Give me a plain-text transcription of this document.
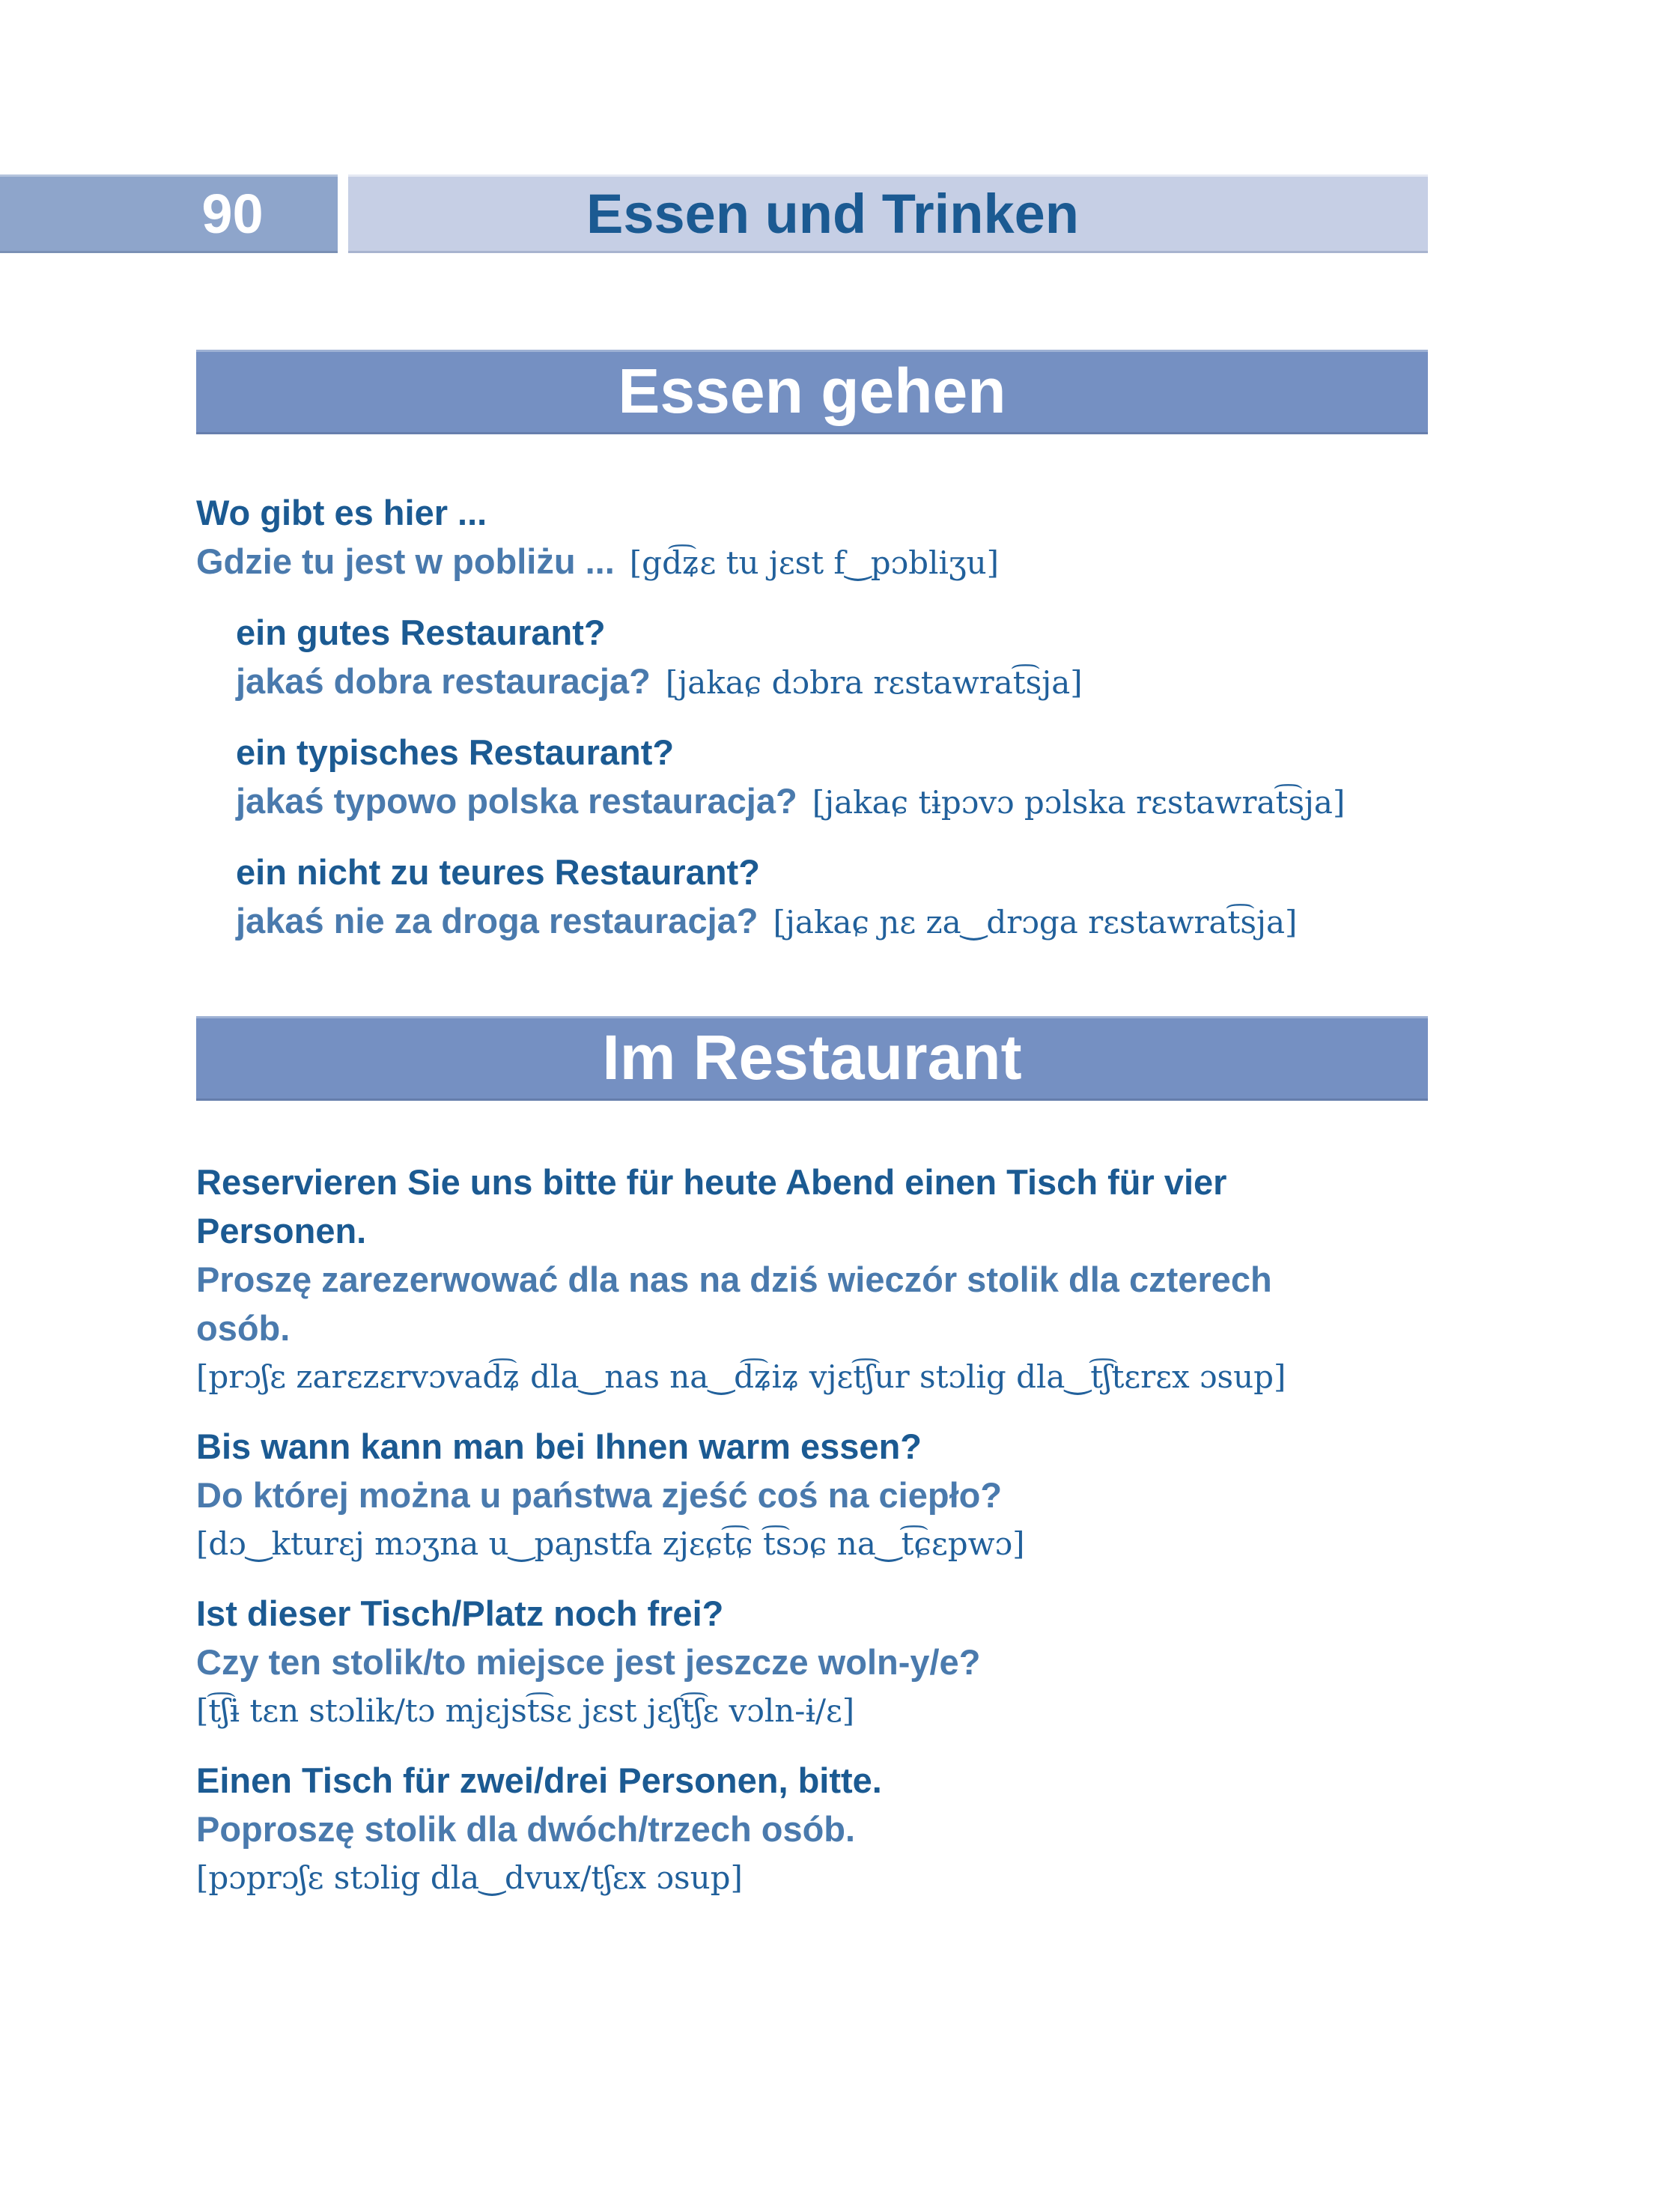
90	Essen und Trinken
Essen gehen

Wo gibt es hier ...

Gdzie tu jest w pobliżu ... [gd͡ʑɛ tu jɛst f‿pɔbliʒu]

ein gutes Restaurant?

jakaś dobra restauracja? [jakaɕ dɔbra rɛstawrat͡sja]

ein typisches Restaurant?

jakaś typowo polska restauracja? [jakaɕ tɨpɔvɔ pɔlska rɛstawrat͡sja]

ein nicht zu teures Restaurant?

jakaś nie za droga restauracja? [jakaɕ ɲɛ za‿drɔga rɛstawrat͡sja]

Im Restaurant

Reservieren Sie uns bitte für heute Abend einen Tisch für vier

Personen.

Proszę zarezerwować dla nas na dziś wieczór stolik dla czterech

osób.

[prɔʃɛ zarɛzɛrvɔvad͡ʑ dla‿nas na‿d͡ʑiʑ vjɛt͡ʃur stɔlig dla‿t͡ʃtɛrɛx ɔsup]

Bis wann kann man bei Ihnen warm essen?

Do której można u państwa zjeść coś na ciepło?

[dɔ‿kturɛj mɔʒna u‿paɲstfa zjɛɕt͡ɕ t͡sɔɕ na‿t͡ɕɛpwɔ]

Ist dieser Tisch/Platz noch frei?

Czy ten stolik/to miejsce jest jeszcze woln-y/e?

[t͡ʃɨ tɛn stɔlik/tɔ mjɛjst͡sɛ jɛst jɛʃt͡ʃɛ vɔln-ɨ/ɛ]

Einen Tisch für zwei/drei Personen, bitte.

Poproszę stolik dla dwóch/trzech osób.

[pɔprɔʃɛ stɔlig dla‿dvux/tʃɛx ɔsup]
